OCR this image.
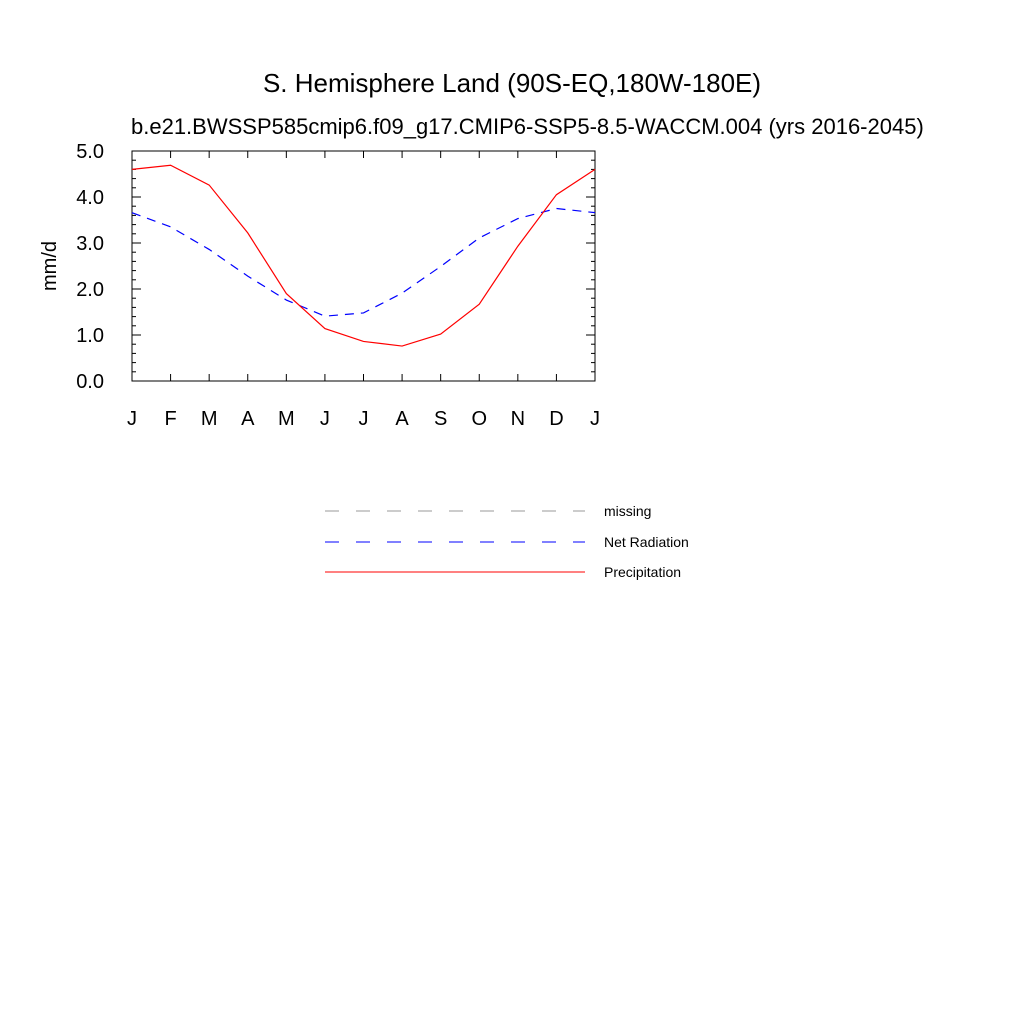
S. Hemisphere Land (90S-EQ,180W-180E)
b.e21.BWSSP585cmip6.f09_g17.CMIP6-SSP5-8.5-WACCM.004 (yrs 2016-2045)
mm/d
J F M A M J J A S O N D J
0.0
1.0
2.0
3.0
4.0
5.0
missing
Net Radiation
Precipitation
